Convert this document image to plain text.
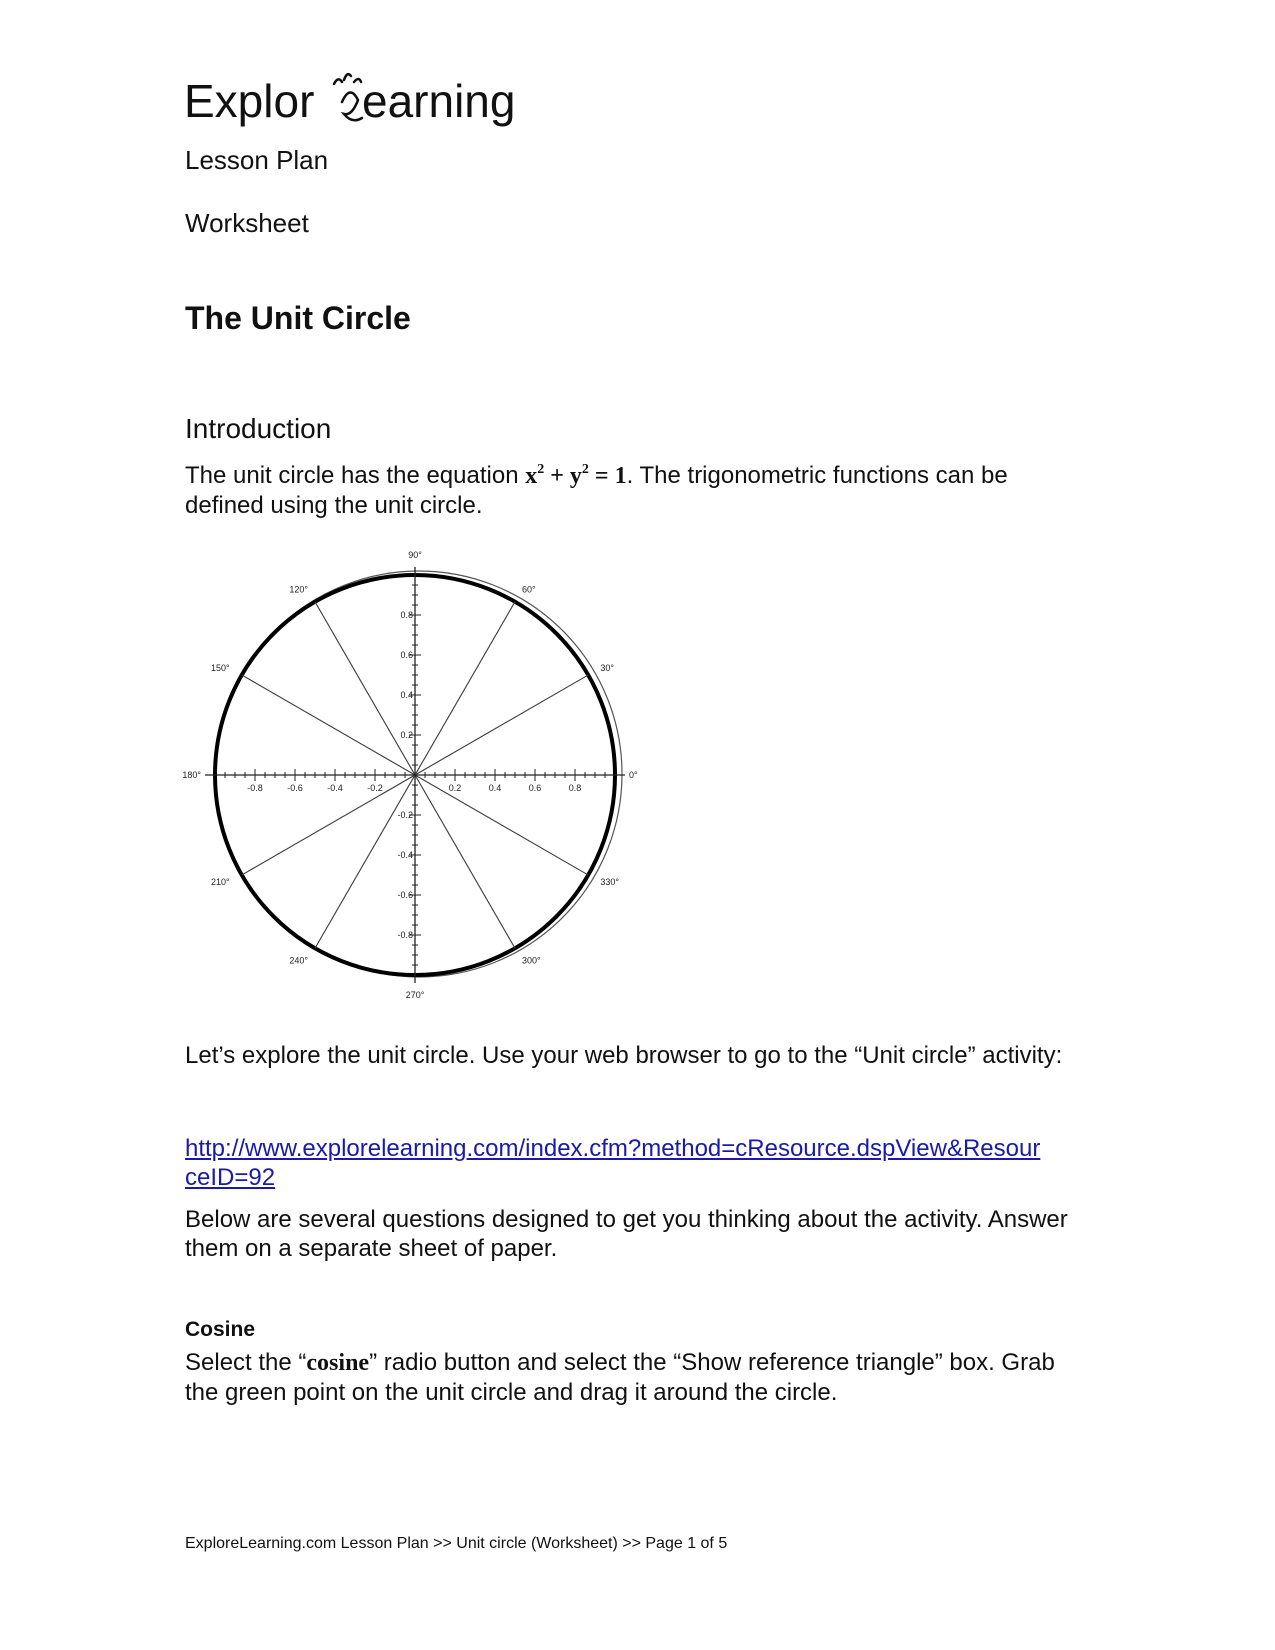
Explor earning
Lesson Plan
Worksheet
The Unit Circle
Introduction
The unit circle has the equation $x^2 + y^2 = 1$. The trigonometric functions can be defined using the unit circle.
-0.8	-0.6	-0.4	-0.2	0.2	0.4	0.6	0.8
0.8
0.6
0.4
0.2
-0.2
-0.4
-0.6
-0.8
0°
30°
60°
90°
120°
150°
180°
210°
240°
270°
300°
330°
Let’s explore the unit circle. Use your web browser to go to the “Unit circle” activity:
http://www.explorelearning.com/index.cfm?method=cResource.dspView&Resour
ceID=92
Below are several questions designed to get you thinking about the activity. Answer them on a separate sheet of paper.
Cosine
Select the “cosine” radio button and select the “Show reference triangle” box. Grab the green point on the unit circle and drag it around the circle.
ExploreLearning.com Lesson Plan >> Unit circle (Worksheet) >> Page 1 of 5
